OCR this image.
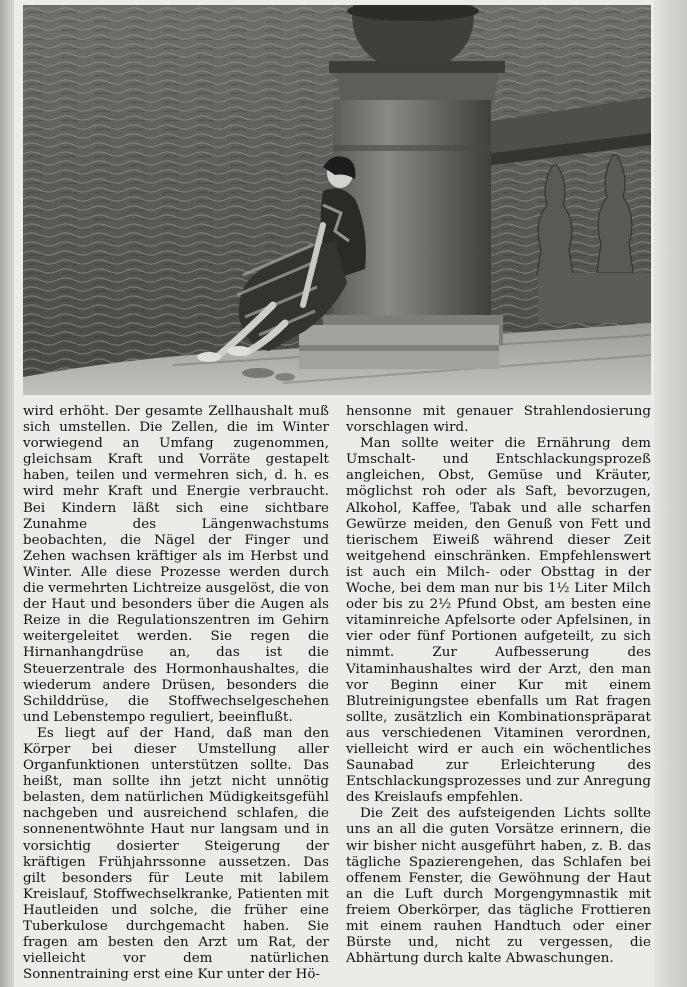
wird erhöht. Der gesamte Zellhaushalt muß sich umstellen. Die Zellen, die im Winter vorwiegend an Umfang zugenommen, gleichsam Kraft und Vorräte gestapelt haben, teilen und vermehren sich, d. h. es wird mehr Kraft und Energie verbraucht. Bei Kindern läßt sich eine sichtbare Zunahme des Längenwachstums beobachten, die Nägel der Finger und Zehen wachsen kräftiger als im Herbst und Winter. Alle diese Prozesse werden durch die vermehrten Lichtreize ausgelöst, die von der Haut und besonders über die Augen als Reize in die Regulationszentren im Gehirn weitergeleitet werden. Sie regen die Hirnanhangdrüse an, das ist die Steuerzentrale des Hormonhaushaltes, die wiederum andere Drüsen, besonders die Schilddrüse, die Stoffwechselgeschehen und Lebenstempo reguliert, beeinflußt.

Es liegt auf der Hand, daß man den Körper bei dieser Umstellung aller Organfunktionen unterstützen sollte. Das heißt, man sollte ihn jetzt nicht unnötig belasten, dem natürlichen Müdigkeitsgefühl nachgeben und ausreichend schlafen, die sonnenentwöhnte Haut nur langsam und in vorsichtig dosierter Steigerung der kräftigen Frühjahrssonne aussetzen. Das gilt besonders für Leute mit labilem Kreislauf, Stoffwechselkranke, Patienten mit Hautleiden und solche, die früher eine Tuberkulose durchgemacht haben. Sie fragen am besten den Arzt um Rat, der vielleicht vor dem natürlichen Sonnentraining erst eine Kur unter der Hö-

hensonne mit genauer Strahlendosierung vorschlagen wird.

Man sollte weiter die Ernährung dem Umschalt- und Entschlackungsprozeß angleichen, Obst, Gemüse und Kräuter, möglichst roh oder als Saft, bevorzugen, Alkohol, Kaffee, Tabak und alle scharfen Gewürze meiden, den Genuß von Fett und tierischem Eiweiß während dieser Zeit weitgehend einschränken. Empfehlenswert ist auch ein Milch- oder Obsttag in der Woche, bei dem man nur bis 1½ Liter Milch oder bis zu 2½ Pfund Obst, am besten eine vitaminreiche Apfelsorte oder Apfelsinen, in vier oder fünf Portionen aufgeteilt, zu sich nimmt. Zur Aufbesserung des Vitaminhaushaltes wird der Arzt, den man vor Beginn einer Kur mit einem Blutreinigungstee ebenfalls um Rat fragen sollte, zusätzlich ein Kombinationspräparat aus verschiedenen Vitaminen verordnen, vielleicht wird er auch ein wöchentliches Saunabad zur Erleichterung des Entschlackungsprozesses und zur Anregung des Kreislaufs empfehlen.

Die Zeit des aufsteigenden Lichts sollte uns an all die guten Vorsätze erinnern, die wir bisher nicht ausgeführt haben, z. B. das tägliche Spazierengehen, das Schlafen bei offenem Fenster, die Gewöhnung der Haut an die Luft durch Morgengymnastik mit freiem Oberkörper, das tägliche Frottieren mit einem rauhen Handtuch oder einer Bürste und, nicht zu vergessen, die Abhärtung durch kalte Abwaschungen.
